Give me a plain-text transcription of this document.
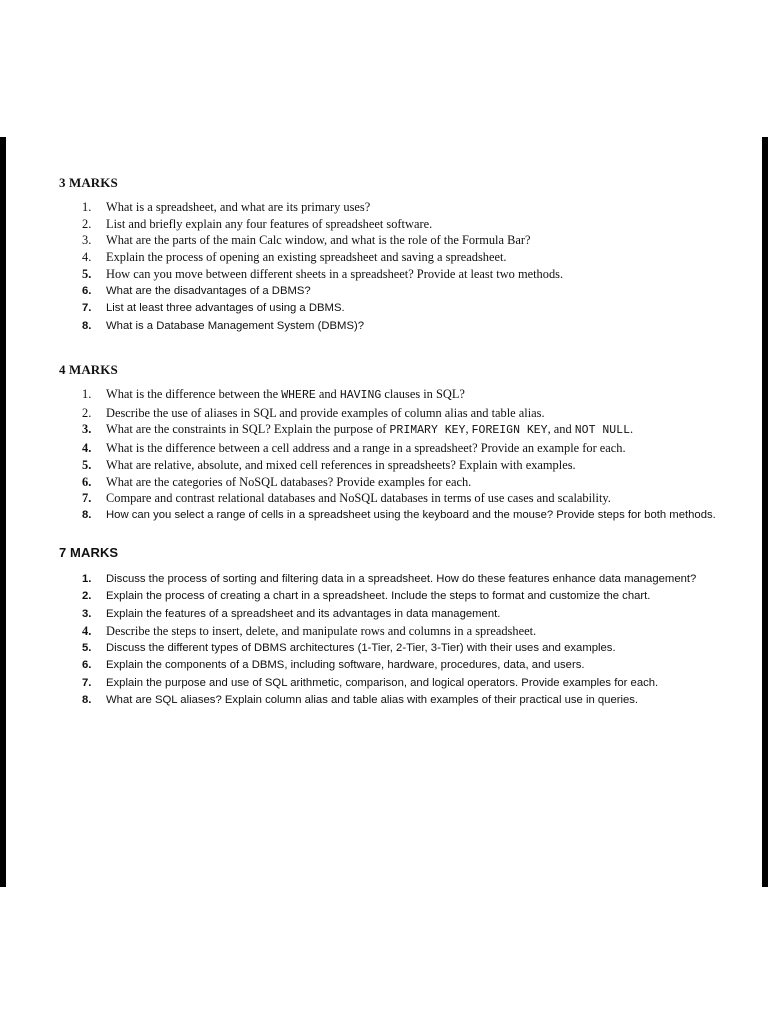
3 MARKS
1. What is a spreadsheet, and what are its primary uses?
2. List and briefly explain any four features of spreadsheet software.
3. What are the parts of the main Calc window, and what is the role of the Formula Bar?
4. Explain the process of opening an existing spreadsheet and saving a spreadsheet.
5. How can you move between different sheets in a spreadsheet? Provide at least two methods.
6. What are the disadvantages of a DBMS?
7. List at least three advantages of using a DBMS.
8. What is a Database Management System (DBMS)?
4 MARKS
1. What is the difference between the WHERE and HAVING clauses in SQL?
2. Describe the use of aliases in SQL and provide examples of column alias and table alias.
3. What are the constraints in SQL? Explain the purpose of PRIMARY KEY, FOREIGN KEY, and NOT NULL.
4. What is the difference between a cell address and a range in a spreadsheet? Provide an example for each.
5. What are relative, absolute, and mixed cell references in spreadsheets? Explain with examples.
6. What are the categories of NoSQL databases? Provide examples for each.
7. Compare and contrast relational databases and NoSQL databases in terms of use cases and scalability.
8. How can you select a range of cells in a spreadsheet using the keyboard and the mouse? Provide steps for both methods.
7 MARKS
1. Discuss the process of sorting and filtering data in a spreadsheet. How do these features enhance data management?
2. Explain the process of creating a chart in a spreadsheet. Include the steps to format and customize the chart.
3. Explain the features of a spreadsheet and its advantages in data management.
4. Describe the steps to insert, delete, and manipulate rows and columns in a spreadsheet.
5. Discuss the different types of DBMS architectures (1-Tier, 2-Tier, 3-Tier) with their uses and examples.
6. Explain the components of a DBMS, including software, hardware, procedures, data, and users.
7. Explain the purpose and use of SQL arithmetic, comparison, and logical operators. Provide examples for each.
8. What are SQL aliases? Explain column alias and table alias with examples of their practical use in queries.
